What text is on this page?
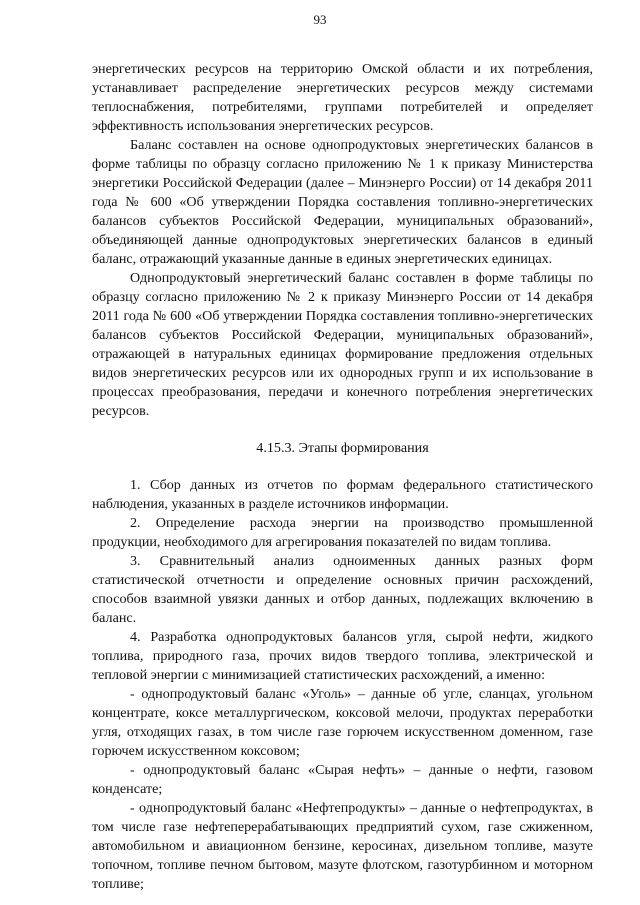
93

энергетических ресурсов на территорию Омской области и их потребления, устанавливает распределение энергетических ресурсов между системами теплоснабжения, потребителями, группами потребителей и определяет эффективность использования энергетических ресурсов.

Баланс составлен на основе однопродуктовых энергетических балансов в форме таблицы по образцу согласно приложению № 1 к приказу Министерства энергетики Российской Федерации (далее – Минэнерго России) от 14 декабря 2011 года № 600 «Об утверждении Порядка составления топливно-энергетических балансов субъектов Российской Федерации, муниципальных образований», объединяющей данные однопродуктовых энергетических балансов в единый баланс, отражающий указанные данные в единых энергетических единицах.

Однопродуктовый энергетический баланс составлен в форме таблицы по образцу согласно приложению № 2 к приказу Минэнерго России от 14 декабря 2011 года № 600 «Об утверждении Порядка составления топливно-энергетических балансов субъектов Российской Федерации, муниципальных образований», отражающей в натуральных единицах формирование предложения отдельных видов энергетических ресурсов или их однородных групп и их использование в процессах преобразования, передачи и конечного потребления энергетических ресурсов.

4.15.3. Этапы формирования

1. Сбор данных из отчетов по формам федерального статистического наблюдения, указанных в разделе источников информации.

2. Определение расхода энергии на производство промышленной продукции, необходимого для агрегирования показателей по видам топлива.

3. Сравнительный анализ одноименных данных разных форм статистической отчетности и определение основных причин расхождений, способов взаимной увязки данных и отбор данных, подлежащих включению в баланс.

4. Разработка однопродуктовых балансов угля, сырой нефти, жидкого топлива, природного газа, прочих видов твердого топлива, электрической и тепловой энергии с минимизацией статистических расхождений, а именно:

- однопродуктовый баланс «Уголь» – данные об угле, сланцах, угольном концентрате, коксе металлургическом, коксовой мелочи, продуктах переработки угля, отходящих газах, в том числе газе горючем искусственном доменном, газе горючем искусственном коксовом;

- однопродуктовый баланс «Сырая нефть» – данные о нефти, газовом конденсате;

- однопродуктовый баланс «Нефтепродукты» – данные о нефтепродуктах, в том числе газе нефтеперерабатывающих предприятий сухом, газе сжиженном, автомобильном и авиационном бензине, керосинах, дизельном топливе, мазуте топочном, топливе печном бытовом, мазуте флотском, газотурбинном и моторном топливе;
